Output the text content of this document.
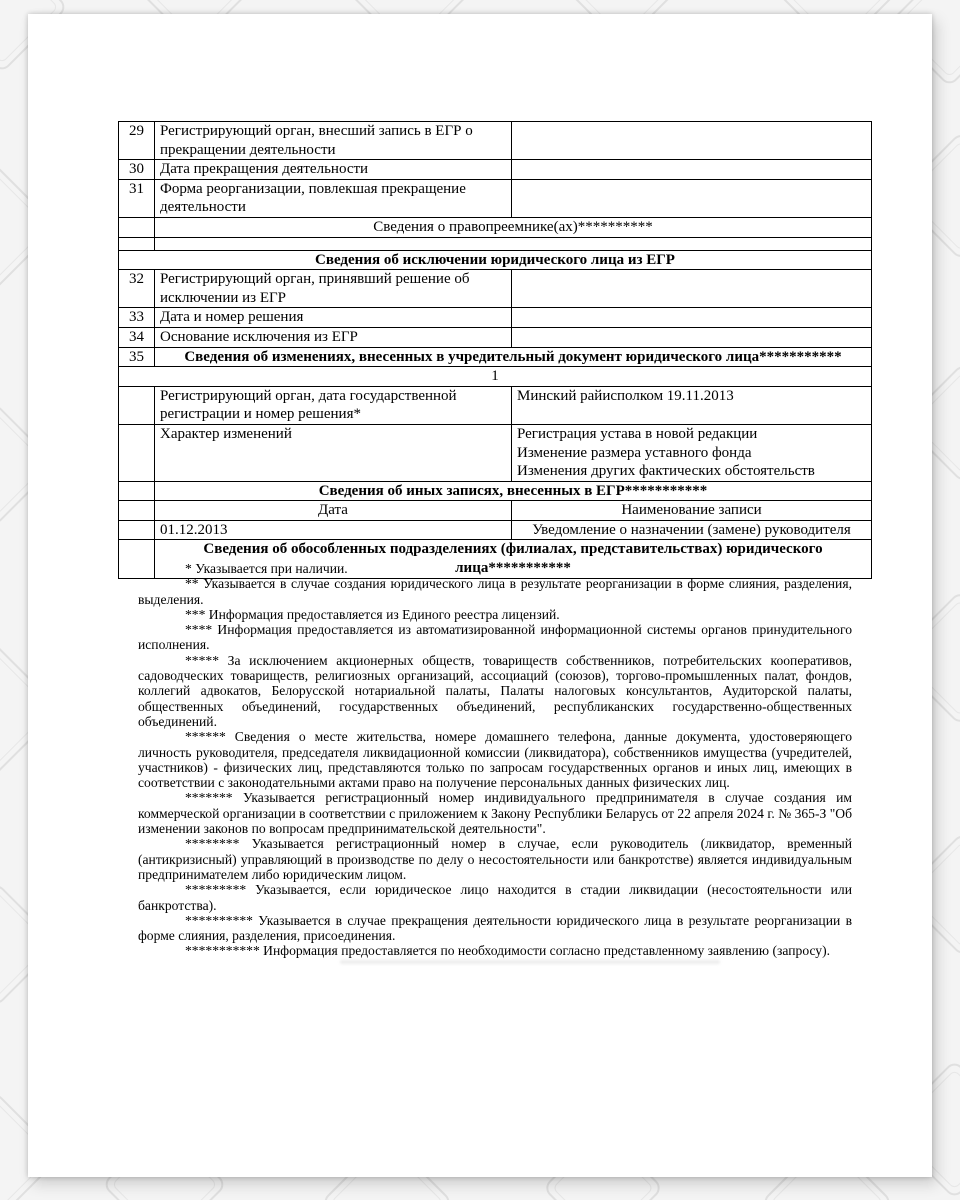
29	Регистрирующий орган, внесший запись в ЕГР о прекращении деятельности	
30	Дата прекращения деятельности	
31	Форма реорганизации, повлекшая прекращение деятельности	
	Сведения о правопреемнике(ах)**********	

Сведения об исключении юридического лица из ЕГР		
32	Регистрирующий орган, принявший решение об исключении из ЕГР	
33	Дата и номер решения	
34	Основание исключения из ЕГР	
35	Сведения об изменениях, внесенных в учредительный документ юридического лица***********	
1		
	Регистрирующий орган, дата государственной регистрации и номер решения*	Минский райисполком 19.11.2013
	Характер изменений	Регистрация устава в новой редакции
Изменение размера уставного фонда
Изменения других фактических обстоятельств

	Сведения об иных записях, внесенных в ЕГР***********	
	Дата	Наименование записи
	01.12.2013	Уведомление о назначении (замене) руководителя
	Сведения об обособленных подразделениях (филиалах, представительствах) юридического лица***********	

* Указывается при наличии.

** Указывается в случае создания юридического лица в результате реорганизации в форме слияния, разделения, выделения.

*** Информация предоставляется из Единого реестра лицензий.

**** Информация предоставляется из автоматизированной информационной системы органов принудительного исполнения.

***** За исключением акционерных обществ, товариществ собственников, потребительских кооперативов, садоводческих товариществ, религиозных организаций, ассоциаций (союзов), торгово-промышленных палат, фондов, коллегий адвокатов, Белорусской нотариальной палаты, Палаты налоговых консультантов, Аудиторской палаты, общественных объединений, государственных объединений, республиканских государственно-общественных объединений.

****** Сведения о месте жительства, номере домашнего телефона, данные документа, удостоверяющего личность руководителя, председателя ликвидационной комиссии (ликвидатора), собственников имущества (учредителей, участников) - физических лиц, представляются только по запросам государственных органов и иных лиц, имеющих в соответствии с законодательными актами право на получение персональных данных физических лиц.

******* Указывается регистрационный номер индивидуального предпринимателя в случае создания им коммерческой организации в соответствии с приложением к Закону Республики Беларусь от 22 апреля 2024 г. № 365-З "Об изменении законов по вопросам предпринимательской деятельности".

******** Указывается регистрационный номер в случае, если руководитель (ликвидатор, временный (антикризисный) управляющий в производстве по делу о несостоятельности или банкротстве) является индивидуальным предпринимателем либо юридическим лицом.

********* Указывается, если юридическое лицо находится в стадии ликвидации (несостоятельности или банкротства).

********** Указывается в случае прекращения деятельности юридического лица в результате реорганизации в форме слияния, разделения, присоединения.

*********** Информация предоставляется по необходимости согласно представленному заявлению (запросу).
